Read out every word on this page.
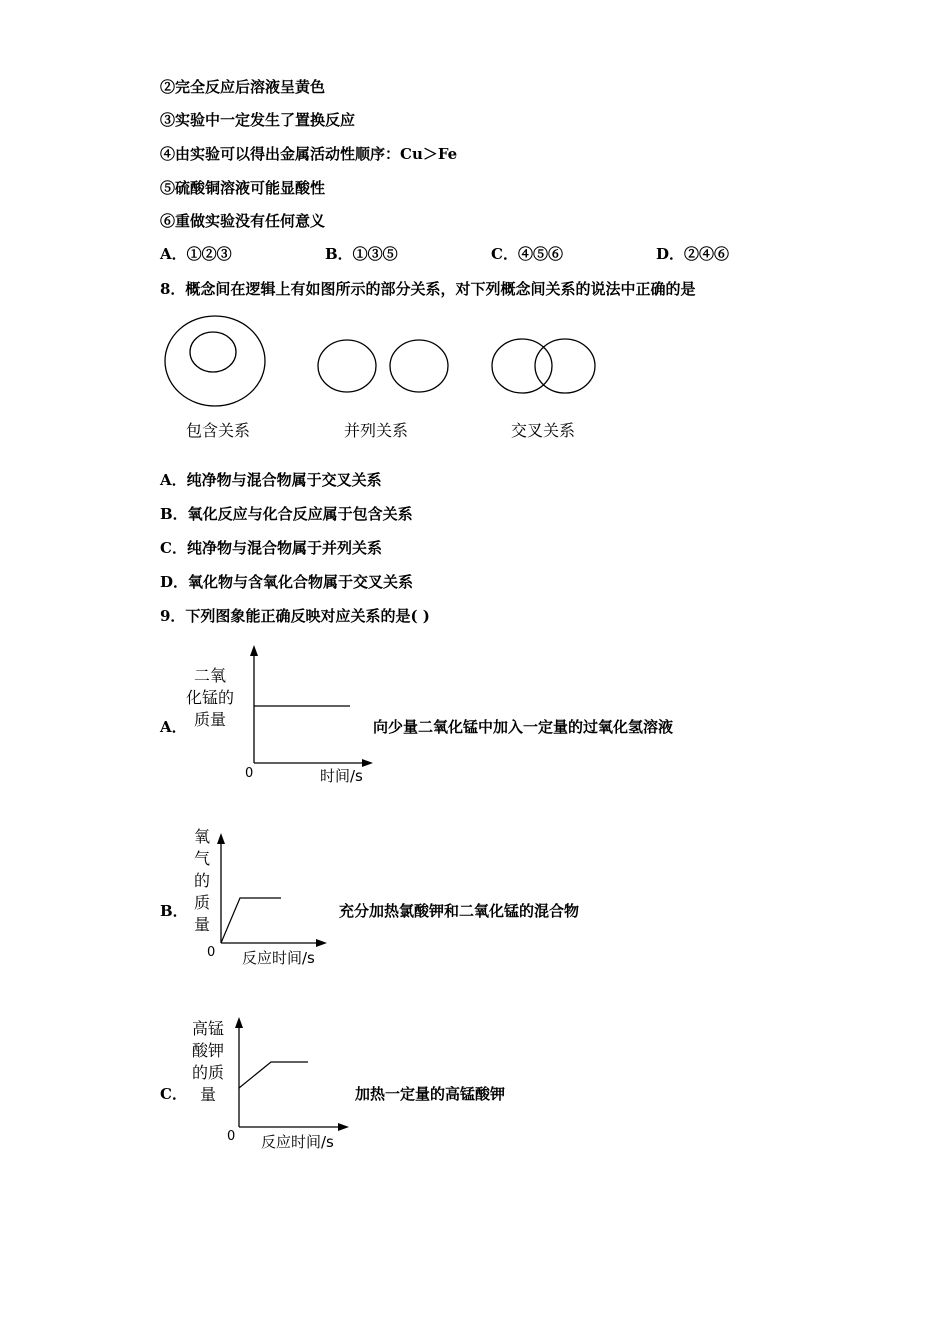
②完全反应后溶液呈黄色
③实验中一定发生了置换反应
④由实验可以得出金属活动性顺序：Cu＞Fe
⑤硫酸铜溶液可能显酸性
⑥重做实验没有任何意义
A．①②③	B．①③⑤	C．④⑤⑥	D．②④⑥
8．概念间在逻辑上有如图所示的部分关系，对下列概念间关系的说法中正确的是
包含关系	并列关系	交叉关系
A．纯净物与混合物属于交叉关系
B．氧化反应与化合反应属于包含关系
C．纯净物与混合物属于并列关系
D．氧化物与含氧化合物属于交叉关系
9．下列图象能正确反映对应关系的是( )
A．
二氧
化锰的
质量
0	时间/s
向少量二氧化锰中加入一定量的过氧化氢溶液
B．
氧
气
的
质
量
0 反应时间/s
充分加热氯酸钾和二氧化锰的混合物
C．
高锰
酸钾
的质
量
0 反应时间/s
加热一定量的高锰酸钾
